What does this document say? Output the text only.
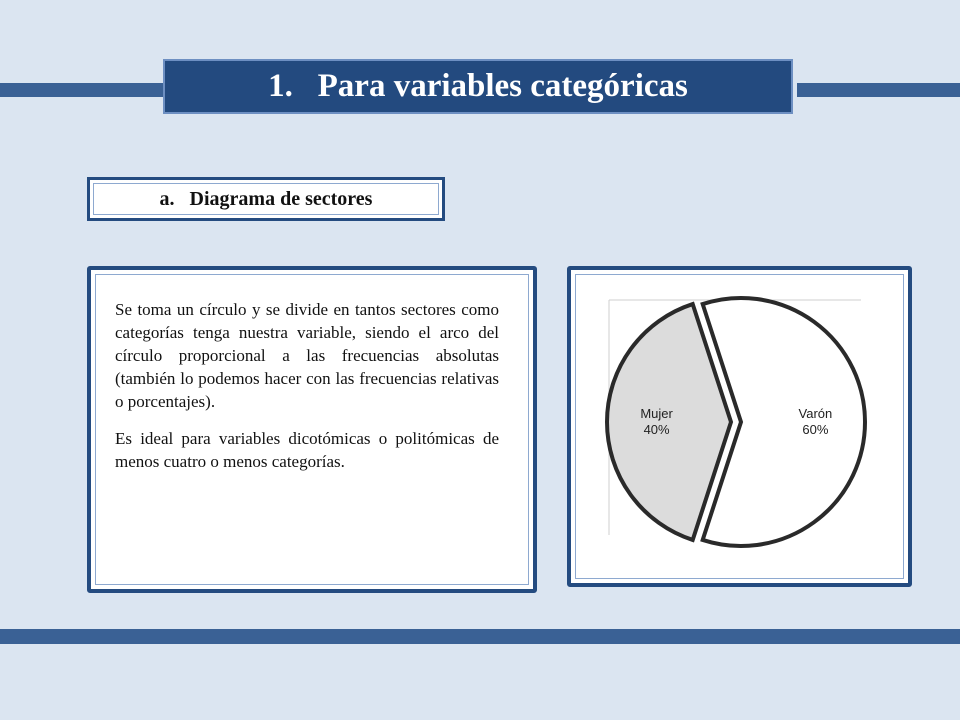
1. Para variables categóricas
a. Diagrama de sectores

Se toma un círculo y se divide en tantos sectores como categorías tenga nuestra variable, siendo el arco del círculo proporcional a las frecuencias absolutas (también lo podemos hacer con las frecuencias relativas o porcentajes).

Es ideal para variables dicotómicas o politómicas de menos cuatro o menos categorías.

Mujer
40%
Varón
60%
